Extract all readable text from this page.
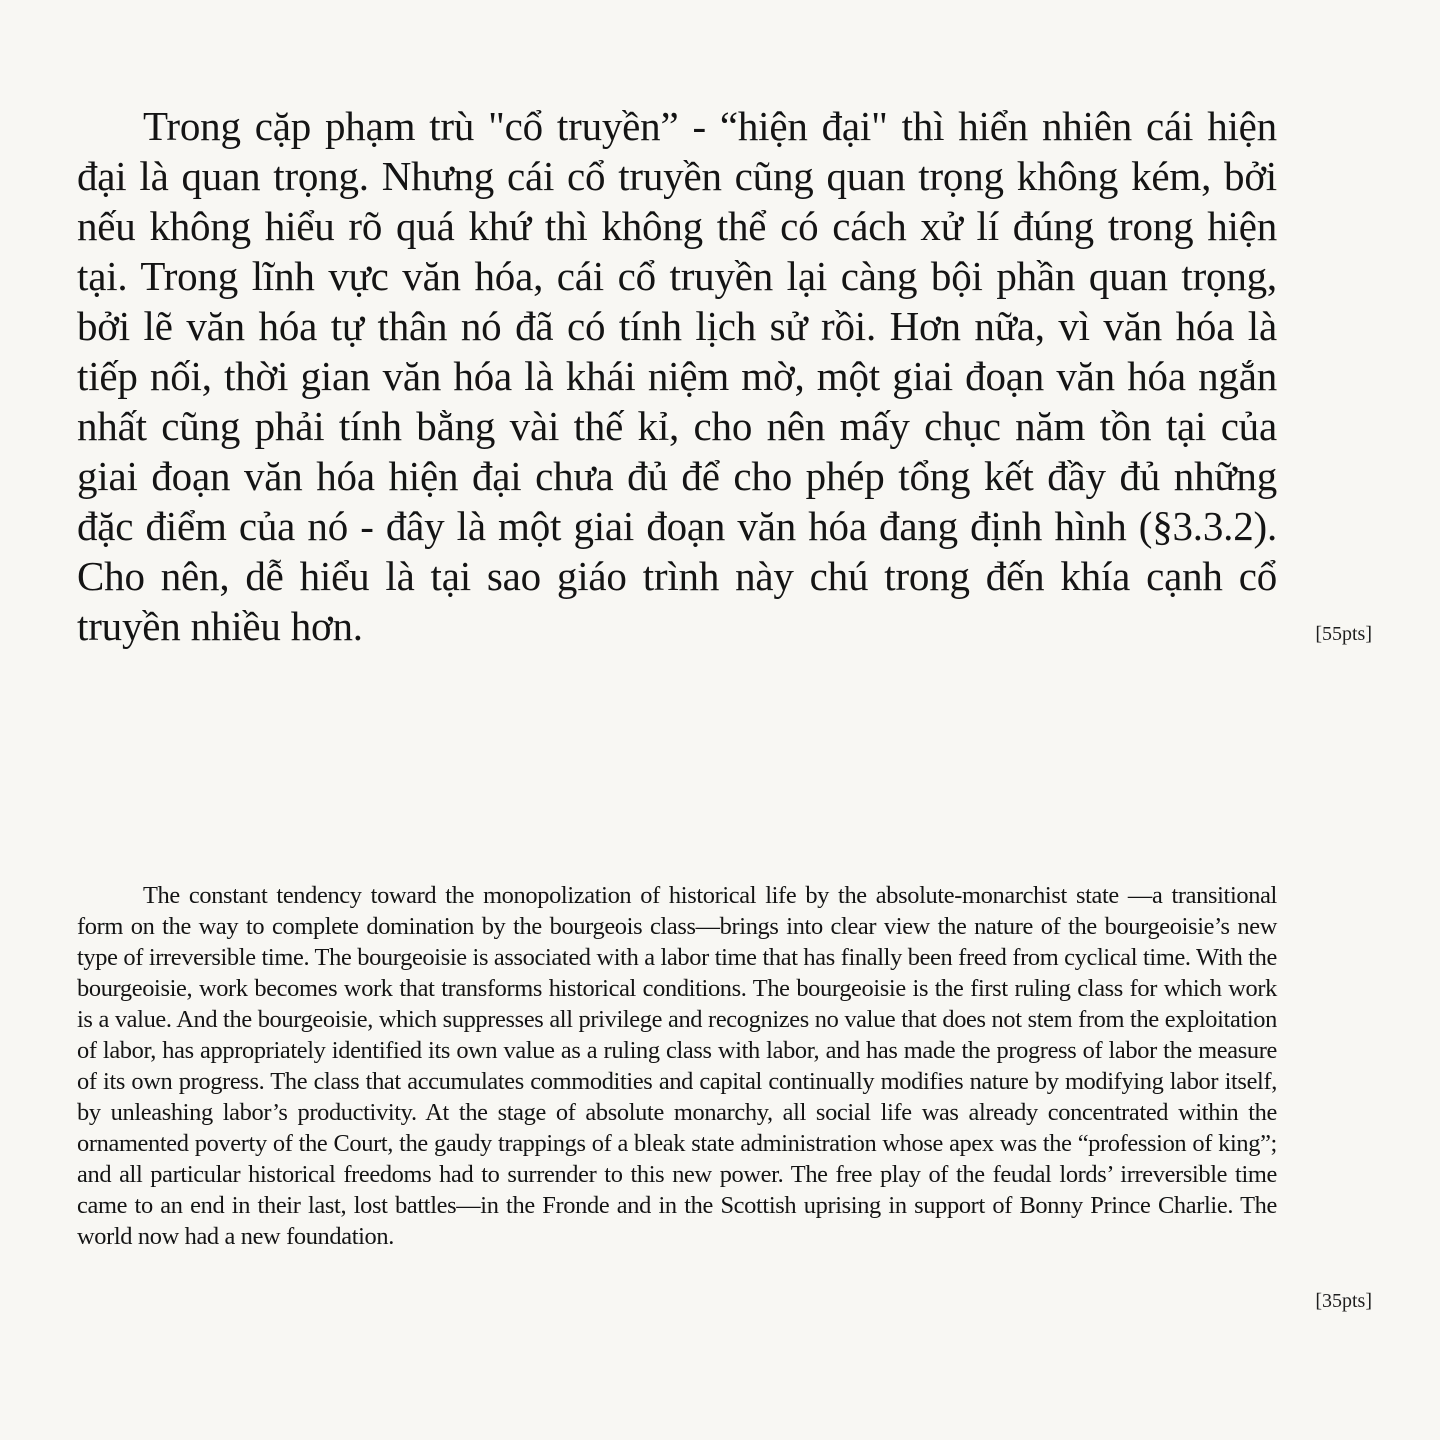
Trong cặp phạm trù "cổ truyền” - “hiện đại" thì hiển nhiên cái hiện đại là quan trọng. Nhưng cái cổ truyền cũng quan trọng không kém, bởi nếu không hiểu rõ quá khứ thì không thể có cách xử lí đúng trong hiện tại. Trong lĩnh vực văn hóa, cái cổ truyền lại càng bội phần quan trọng, bởi lẽ văn hóa tự thân nó đã có tính lịch sử rồi. Hơn nữa, vì văn hóa là tiếp nối, thời gian văn hóa là khái niệm mờ, một giai đoạn văn hóa ngắn nhất cũng phải tính bằng vài thế kỉ, cho nên mấy chục năm tồn tại của giai đoạn văn hóa hiện đại chưa đủ để cho phép tổng kết đầy đủ những đặc điểm của nó - đây là một giai đoạn văn hóa đang định hình (§3.3.2). Cho nên, dễ hiểu là tại sao giáo trình này chú trong đến khía cạnh cổ truyền nhiều hơn.	[55pts]

The constant tendency toward the monopolization of historical life by the absolute-monarchist state —a transitional form on the way to complete domination by the bourgeois class—brings into clear view the nature of the bourgeoisie’s new type of irreversible time. The bourgeoisie is associated with a labor time that has finally been freed from cyclical time. With the bourgeoisie, work becomes work that transforms historical conditions. The bourgeoisie is the first ruling class for which work is a value. And the bourgeoisie, which suppresses all privilege and recognizes no value that does not stem from the exploitation of labor, has appropriately identified its own value as a ruling class with labor, and has made the progress of labor the measure of its own progress. The class that accumulates commodities and capital continually modifies nature by modifying labor itself, by unleashing labor’s productivity. At the stage of absolute monarchy, all social life was already concentrated within the ornamented poverty of the Court, the gaudy trappings of a bleak state administration whose apex was the “profession of king”; and all particular historical freedoms had to surrender to this new power. The free play of the feudal lords’ irreversible time came to an end in their last, lost battles—in the Fronde and in the Scottish uprising in support of Bonny Prince Charlie. The world now had a new foundation.

[35pts]
